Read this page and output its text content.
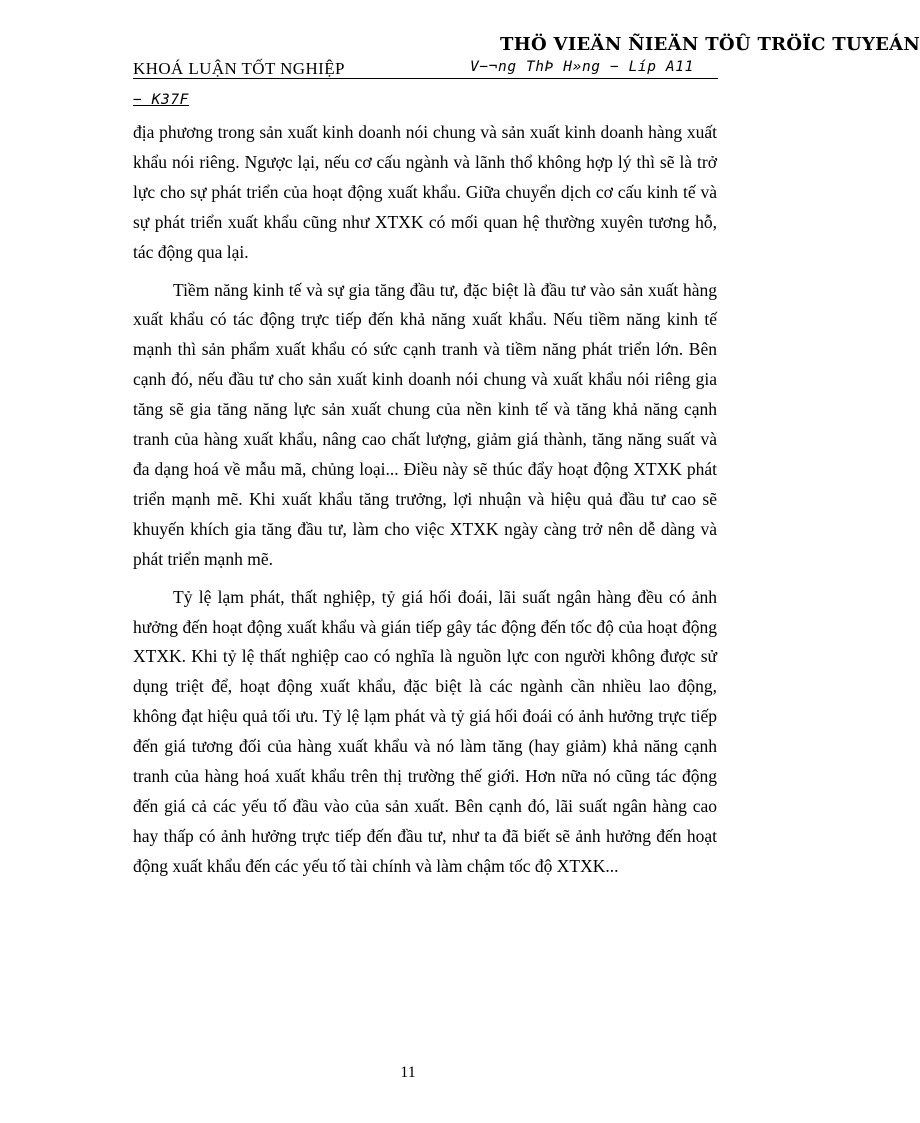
THÖ VIEÄN ÑIEÄN TÖÛ TRÖÏC TUYEÁN
KHOÁ LUẬN TỐT NGHIỆP	V−¬ng ThÞ H»ng − Líp A11
− K37F

địa phương trong sản xuất kinh doanh nói chung và sản xuất kinh doanh hàng xuất khẩu nói riêng. Ngược lại, nếu cơ cấu ngành và lãnh thổ không hợp lý thì sẽ là trở lực cho sự phát triển của hoạt động xuất khẩu. Giữa chuyển dịch cơ cấu kinh tế và sự phát triển xuất khẩu cũng như XTXK có mối quan hệ thường xuyên tương hỗ, tác động qua lại.

Tiềm năng kinh tế và sự gia tăng đầu tư, đặc biệt là đầu tư vào sản xuất hàng xuất khẩu có tác động trực tiếp đến khả năng xuất khẩu. Nếu tiềm năng kinh tế mạnh thì sản phẩm xuất khẩu có sức cạnh tranh và tiềm năng phát triển lớn. Bên cạnh đó, nếu đầu tư cho sản xuất kinh doanh nói chung và xuất khẩu nói riêng gia tăng sẽ gia tăng năng lực sản xuất chung của nền kinh tế và tăng khả năng cạnh tranh của hàng xuất khẩu, nâng cao chất lượng, giảm giá thành, tăng năng suất và đa dạng hoá về mẫu mã, chủng loại... Điều này sẽ thúc đẩy hoạt động XTXK phát triển mạnh mẽ. Khi xuất khẩu tăng trưởng, lợi nhuận và hiệu quả đầu tư cao sẽ khuyến khích gia tăng đầu tư, làm cho việc XTXK ngày càng trở nên dễ dàng và phát triển mạnh mẽ.

Tỷ lệ lạm phát, thất nghiệp, tỷ giá hối đoái, lãi suất ngân hàng đều có ảnh hưởng đến hoạt động xuất khẩu và gián tiếp gây tác động đến tốc độ của hoạt động XTXK. Khi tỷ lệ thất nghiệp cao có nghĩa là nguồn lực con người không được sử dụng triệt để, hoạt động xuất khẩu, đặc biệt là các ngành cần nhiều lao động, không đạt hiệu quả tối ưu. Tỷ lệ lạm phát và tỷ giá hối đoái có ảnh hưởng trực tiếp đến giá tương đối của hàng xuất khẩu và nó làm tăng (hay giảm) khả năng cạnh tranh của hàng hoá xuất khẩu trên thị trường thế giới. Hơn nữa nó cũng tác động đến giá cả các yếu tố đầu vào của sản xuất. Bên cạnh đó, lãi suất ngân hàng cao hay thấp có ảnh hưởng trực tiếp đến đầu tư, như ta đã biết sẽ ảnh hưởng đến hoạt động xuất khẩu đến các yếu tố tài chính và làm chậm tốc độ XTXK...

11
